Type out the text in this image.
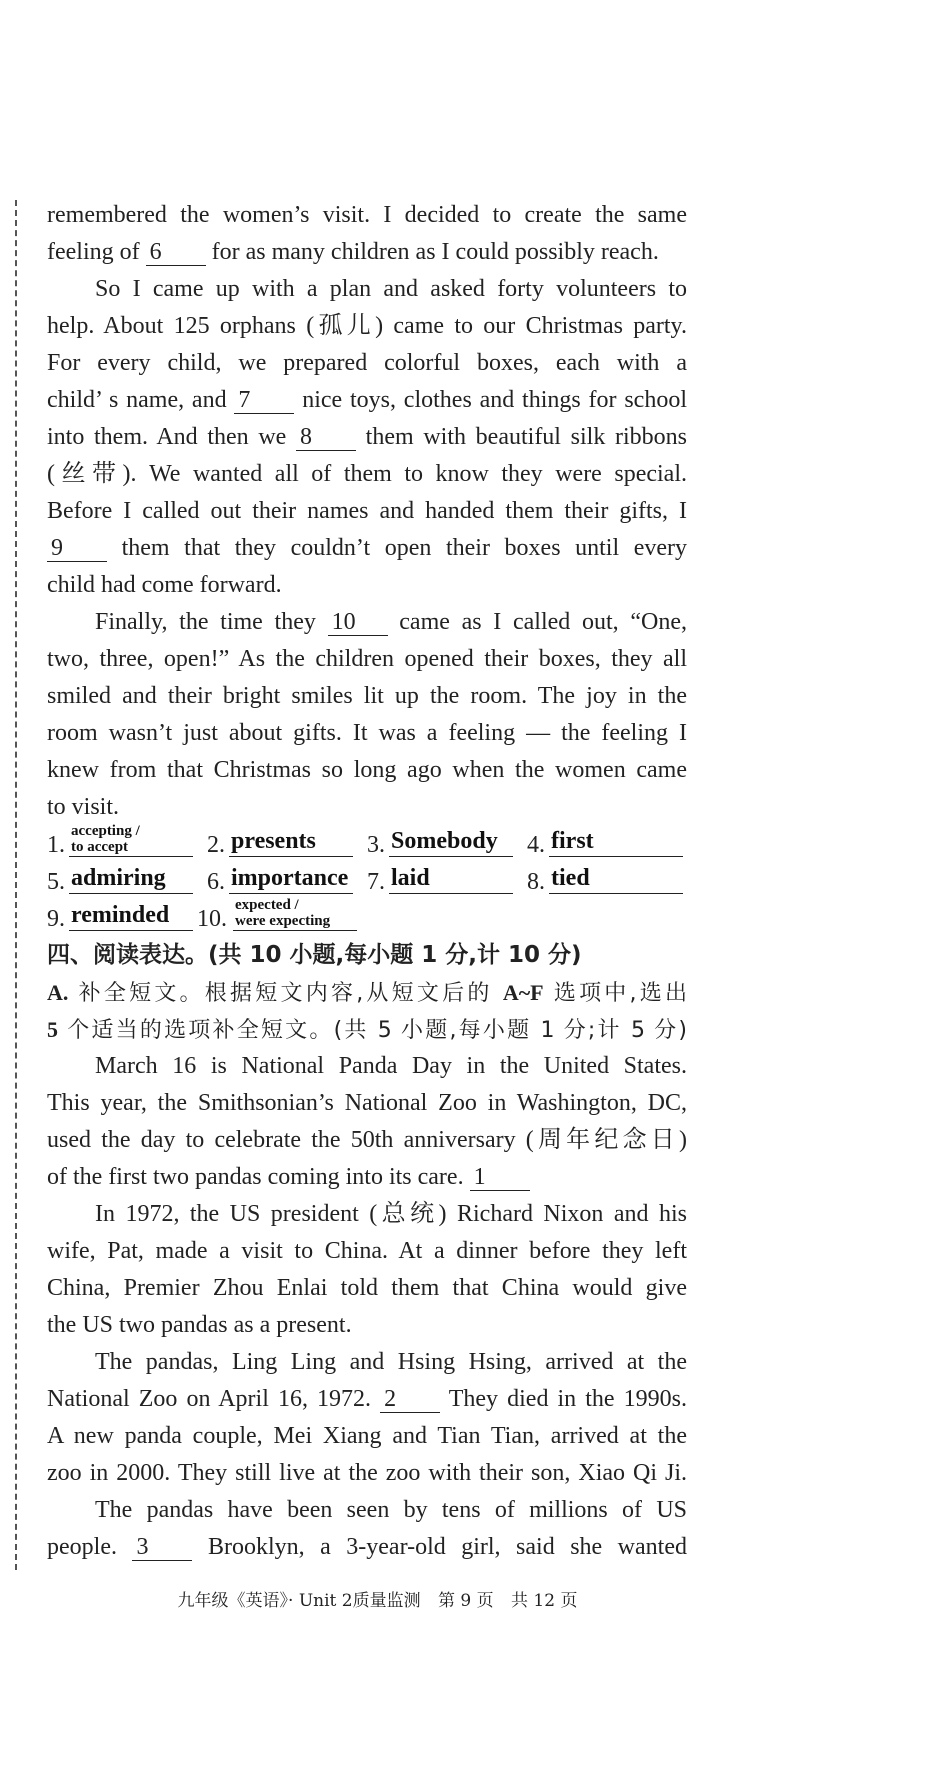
remembered the women’s visit. I decided to create the same
feeling of 6 for as many children as I could possibly reach.
So I came up with a plan and asked forty volunteers to
help. About 125 orphans (孤儿) came to our Christmas party.
For every child, we prepared colorful boxes, each with a
child’ s name, and 7 nice toys, clothes and things for school
into them. And then we 8 them with beautiful silk ribbons
(丝带). We wanted all of them to know they were special.
Before I called out their names and handed them their gifts, I
9 them that they couldn’t open their boxes until every
child had come forward.
Finally, the time they 10 came as I called out, “One,
two, three, open!” As the children opened their boxes, they all
smiled and their bright smiles lit up the room. The joy in the
room wasn’t just about gifts. It was a feeling — the feeling I
knew from that Christmas so long ago when the women came
to visit.
1.
accepting /
to accept	2. presents 3. Somebody 4. first
5. admiring 6. importance 7. laid	8. tied
9. reminded 10.
expected /
were expecting
四、阅读表达。(共 10 小题,每小题 1 分,计 10 分)
A. 补全短文。根据短文内容,从短文后的 A~F 选项中,选出
5 个适当的选项补全短文。(共 5 小题,每小题 1 分;计 5 分)
March 16 is National Panda Day in the United States.
This year, the Smithsonian’s National Zoo in Washington, DC,
used the day to celebrate the 50th anniversary (周年纪念日)
of the first two pandas coming into its care. 1
In 1972, the US president (总统) Richard Nixon and his
wife, Pat, made a visit to China. At a dinner before they left
China, Premier Zhou Enlai told them that China would give
the US two pandas as a present.
The pandas, Ling Ling and Hsing Hsing, arrived at the
National Zoo on April 16, 1972. 2 They died in the 1990s.
A new panda couple, Mei Xiang and Tian Tian, arrived at the
zoo in 2000. They still live at the zoo with their son, Xiao Qi Ji.
The pandas have been seen by tens of millions of US
people. 3 Brooklyn, a 3-year-old girl, said she wanted
九年级《英语》· Unit 2质量监测 第 9 页 共 12 页
